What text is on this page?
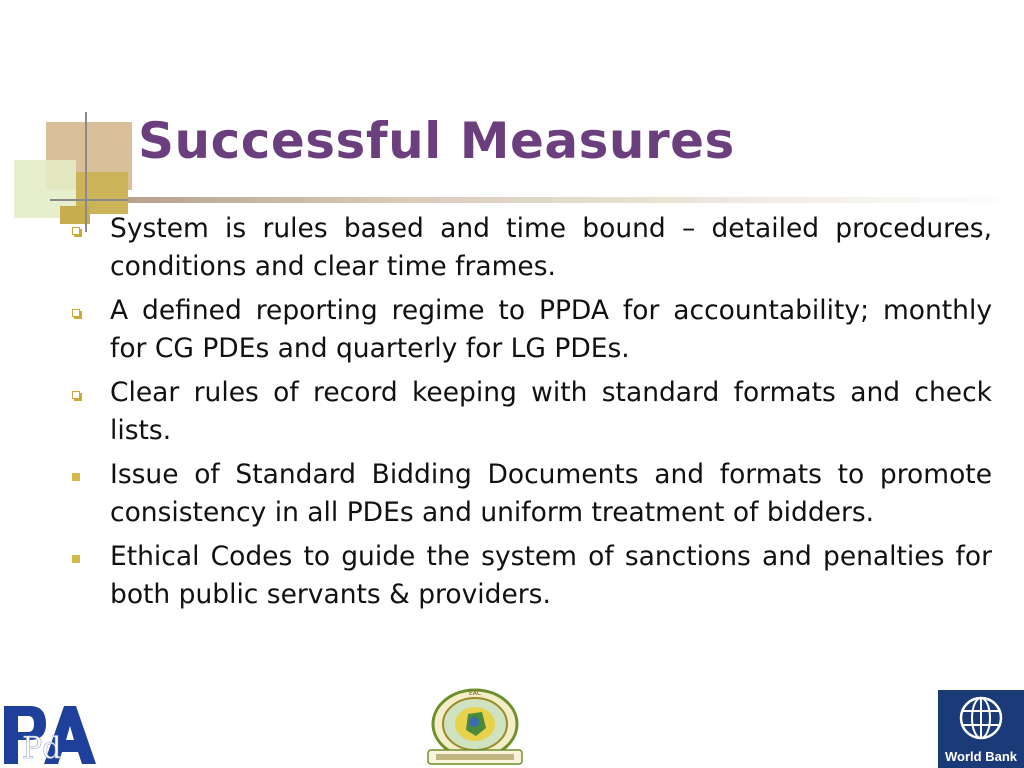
Successful Measures
System is rules based and time bound – detailed procedures, conditions and clear time frames.
A defined reporting regime to PPDA for accountability; monthly for CG PDEs and quarterly for LG PDEs.
Clear rules of record keeping with standard formats and check lists.
Issue of Standard Bidding Documents and formats to promote consistency in all PDEs and uniform treatment of bidders.
Ethical Codes to guide the system of sanctions and penalties for both public servants & providers.
Pd
EAC
World Bank
